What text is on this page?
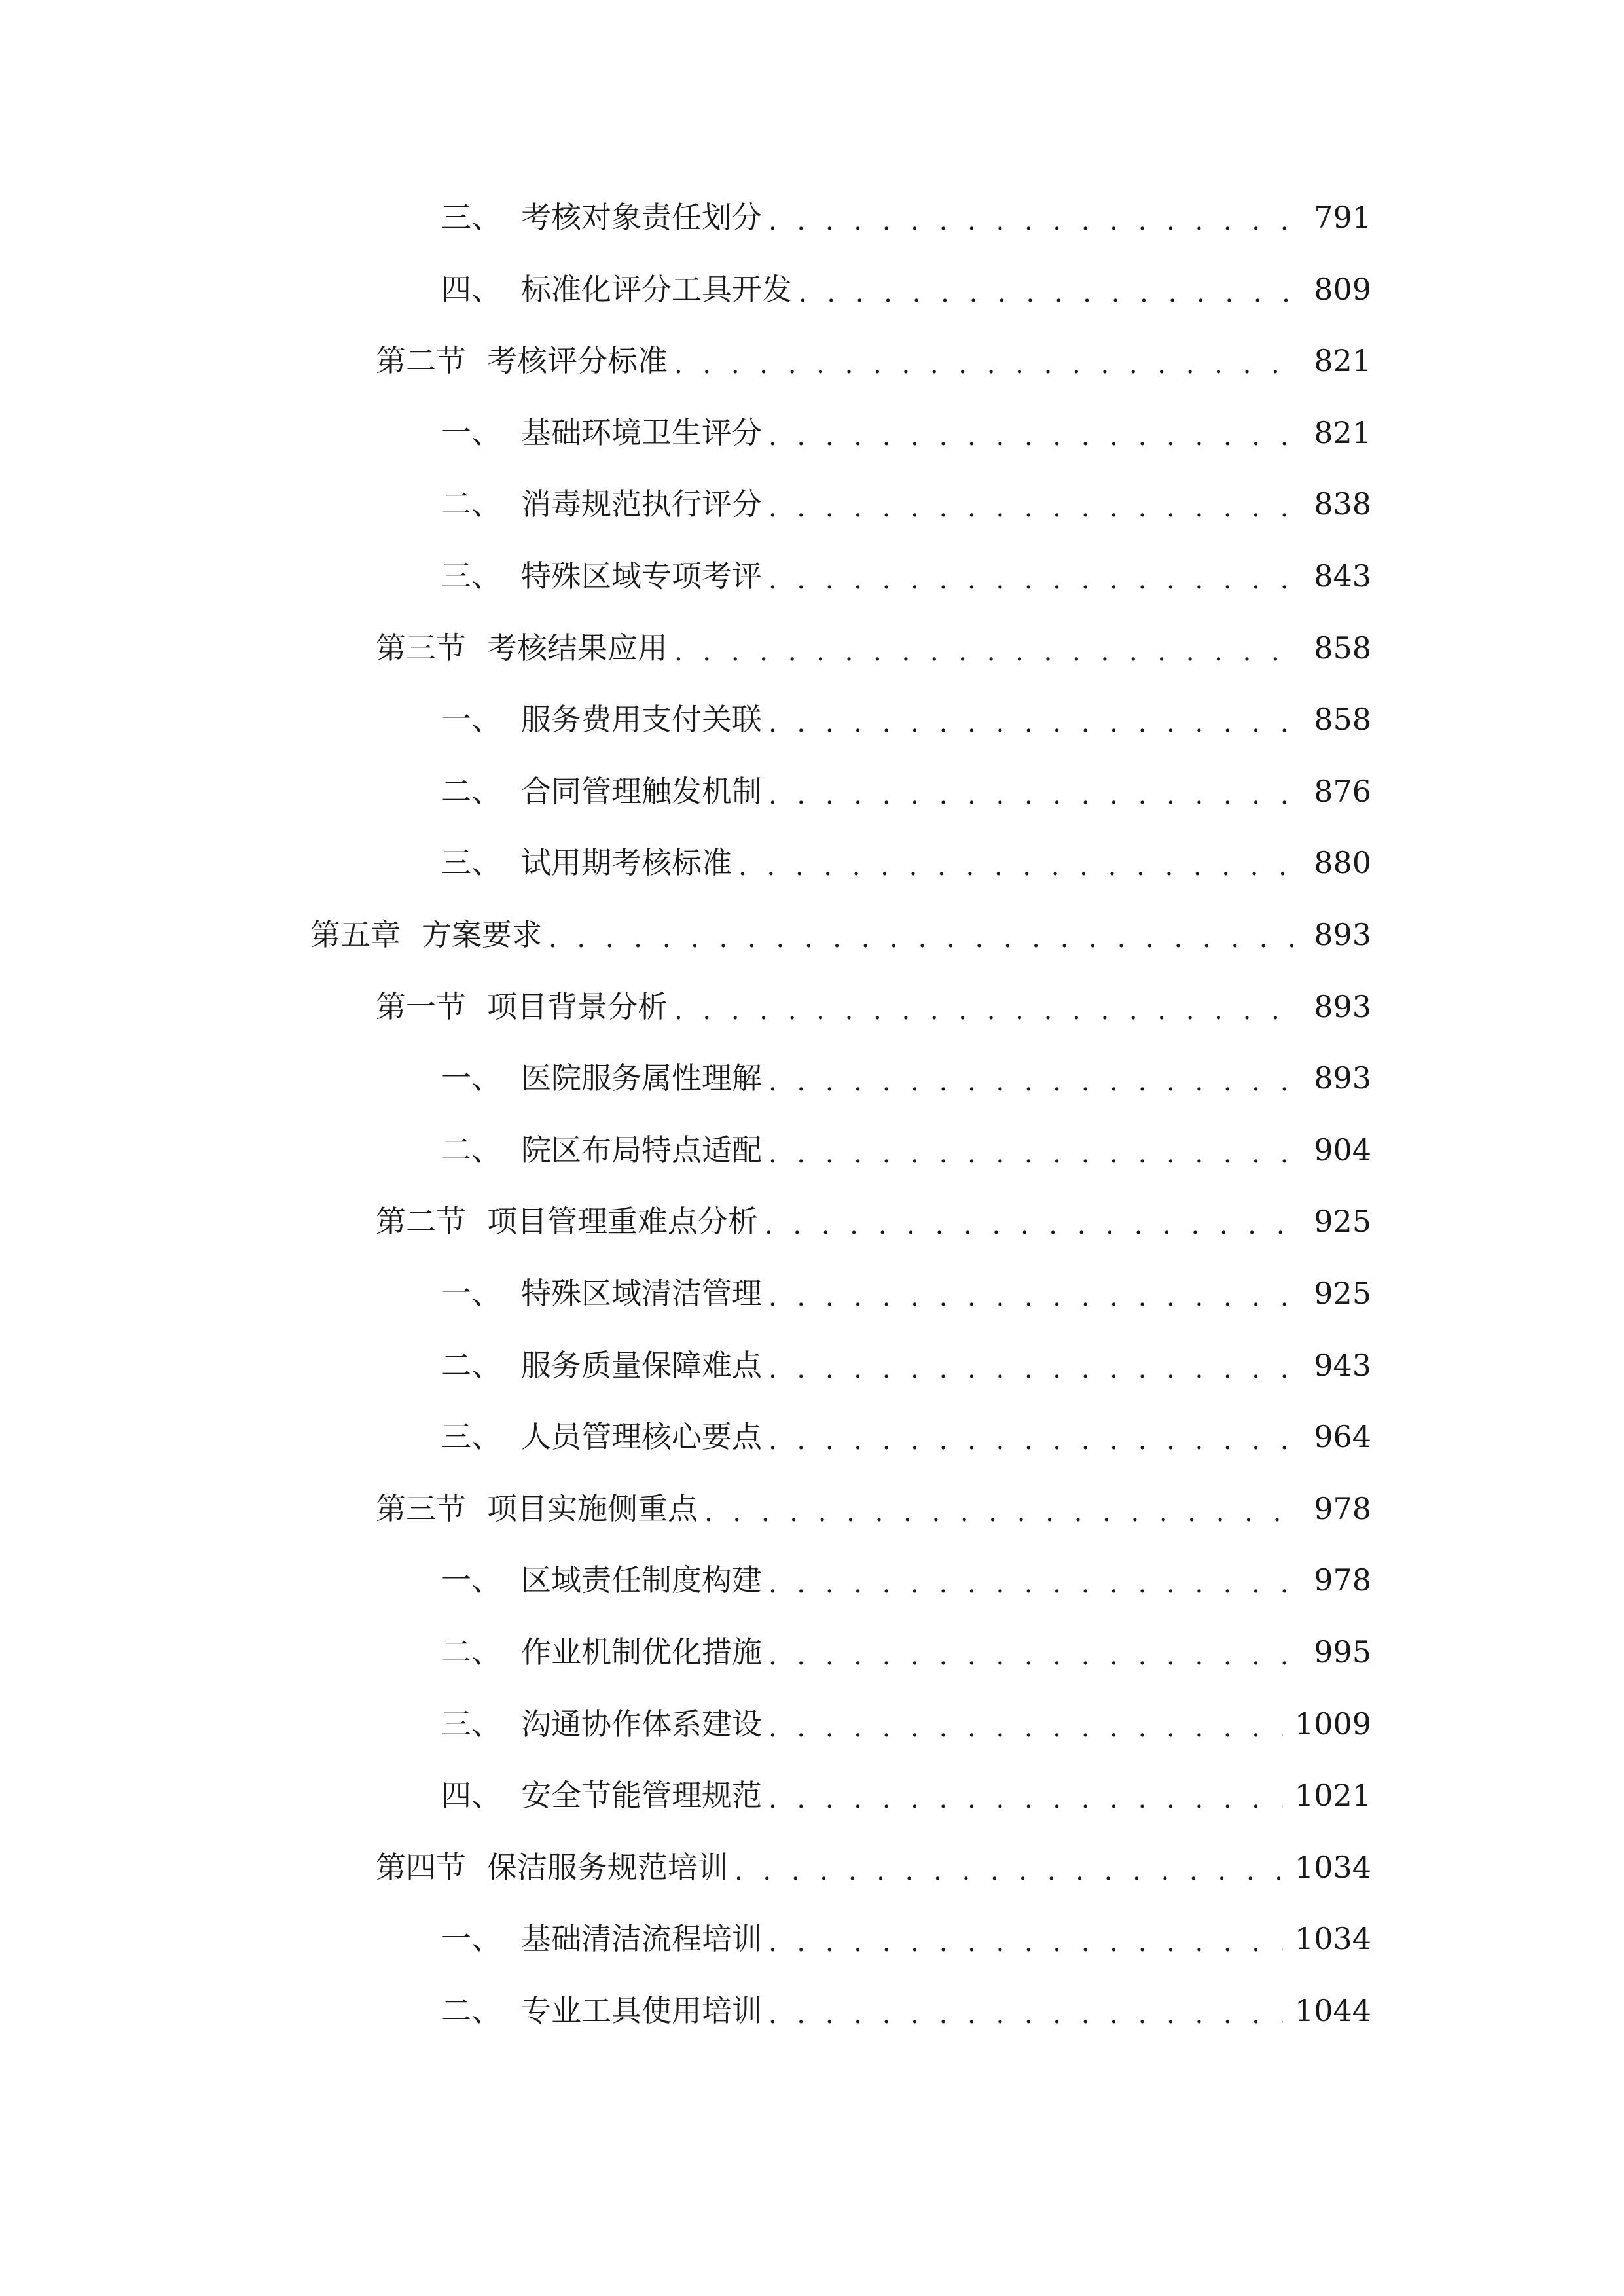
三、 考核对象责任划分 . . .	791
四、 标准化评分工具开发 . . .	809
第二节 考核评分标准 . . .	821
一、 基础环境卫生评分 . . .	821
二、 消毒规范执行评分 . . .	838
三、 特殊区域专项考评 . . .	843
第三节 考核结果应用 . . .	858
一、 服务费用支付关联 . . .	858
二、 合同管理触发机制 . . .	876
三、 试用期考核标准 . . .	880
第五章 方案要求 . . .	893
第一节 项目背景分析 . . .	893
一、 医院服务属性理解 . . .	893
二、 院区布局特点适配 . . .	904
第二节 项目管理重难点分析 . . .	925
一、 特殊区域清洁管理 . . .	925
二、 服务质量保障难点 . . .	943
三、 人员管理核心要点 . . .	964
第三节 项目实施侧重点 . . .	978
一、 区域责任制度构建 . . .	978
二、 作业机制优化措施 . . .	995
三、 沟通协作体系建设 . . .	1009
四、 安全节能管理规范 . . .	1021
第四节 保洁服务规范培训 . . .	1034
一、 基础清洁流程培训 . . .	1034
二、 专业工具使用培训 . . .	1044
